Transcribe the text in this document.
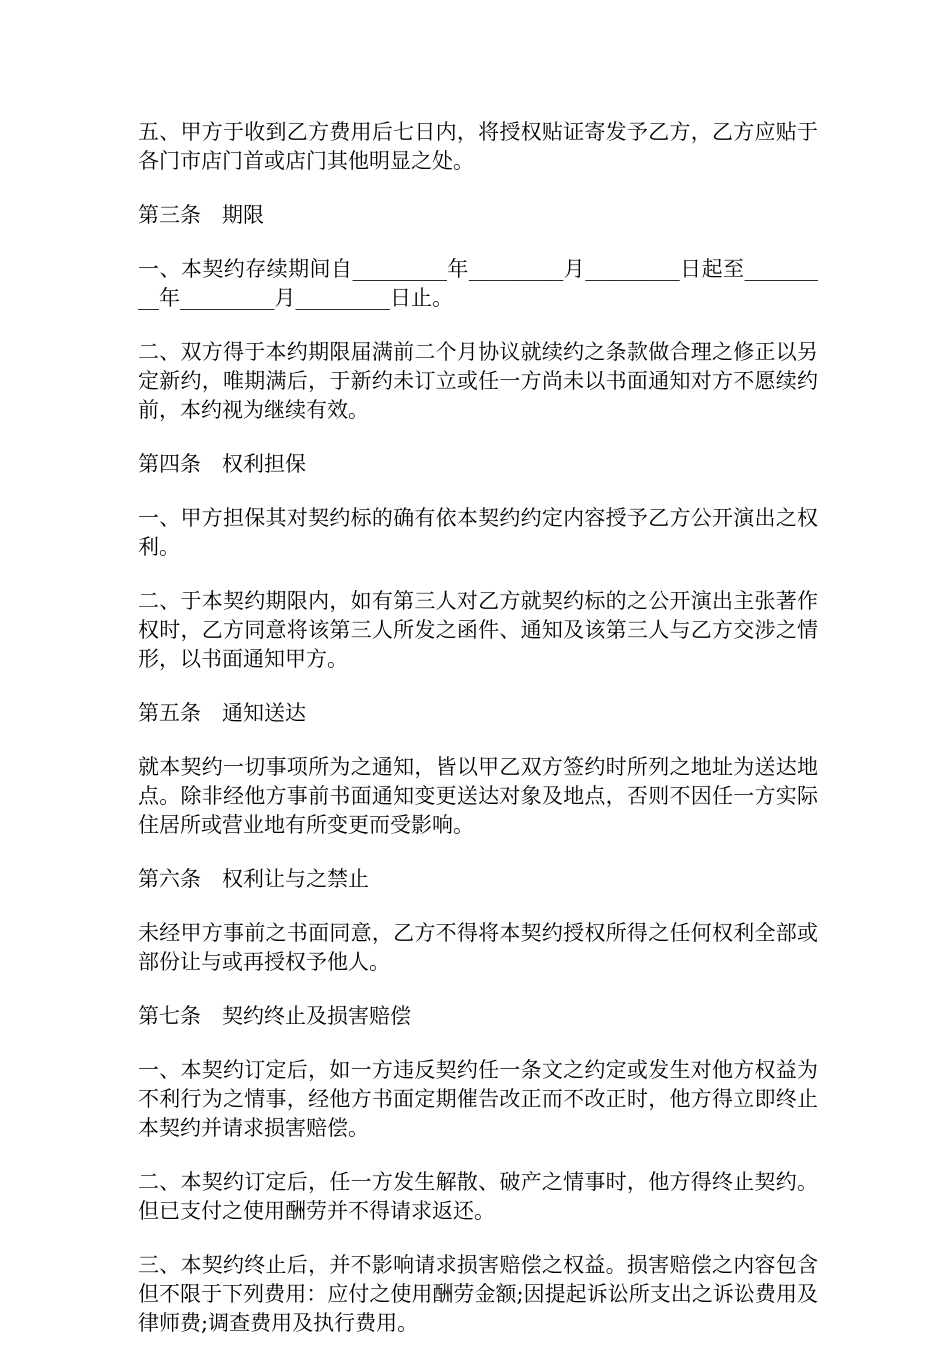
五、甲方于收到乙方费用后七日内，将授权贴证寄发予乙方，乙方应贴于各门市店门首或店门其他明显之处。

第三条　期限

一、本契约存续期间自_________年_________月_________日起至_________年_________月_________日止。

二、双方得于本约期限届满前二个月协议就续约之条款做合理之修正以另定新约，唯期满后，于新约未订立或任一方尚未以书面通知对方不愿续约前，本约视为继续有效。

第四条　权利担保

一、甲方担保其对契约标的确有依本契约约定内容授予乙方公开演出之权利。

二、于本契约期限内，如有第三人对乙方就契约标的之公开演出主张著作权时，乙方同意将该第三人所发之函件、通知及该第三人与乙方交涉之情形，以书面通知甲方。

第五条　通知送达

就本契约一切事项所为之通知，皆以甲乙双方签约时所列之地址为送达地点。除非经他方事前书面通知变更送达对象及地点，否则不因任一方实际住居所或营业地有所变更而受影响。

第六条　权利让与之禁止

未经甲方事前之书面同意，乙方不得将本契约授权所得之任何权利全部或部份让与或再授权予他人。

第七条　契约终止及损害赔偿

一、本契约订定后，如一方违反契约任一条文之约定或发生对他方权益为不利行为之情事，经他方书面定期催告改正而不改正时，他方得立即终止本契约并请求损害赔偿。

二、本契约订定后，任一方发生解散、破产之情事时，他方得终止契约。但已支付之使用酬劳并不得请求返还。

三、本契约终止后，并不影响请求损害赔偿之权益。损害赔偿之内容包含但不限于下列费用：应付之使用酬劳金额;因提起诉讼所支出之诉讼费用及律师费;调查费用及执行费用。
